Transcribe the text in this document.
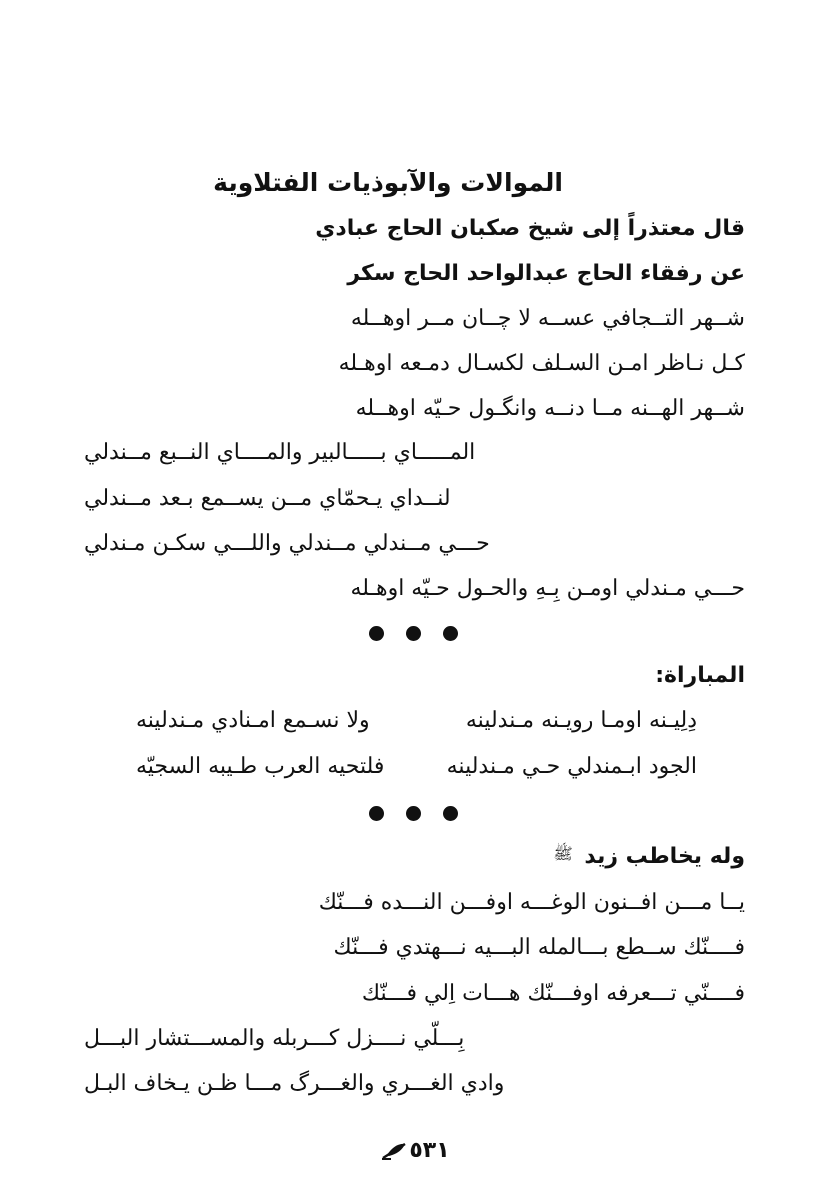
الموالات والآبوذيات الفتلاوية
قال معتذراً إلى شيخ صكبان الحاج عبادي
عن رفقاء الحاج عبدالواحد الحاج سكر
شــهر التــجافي عســه لا چــان مــر اوهــله
كـل نـاظر امـن السـلف لكسـال دمـعه اوهـله
شــهر الهــنه مــا دنــه وانگـول حـيّه اوهــله
المـــــاي بـــــالبير والمــــاي النــبع مــندلي
لنــداي يـحمّاي مــن يســمع بـعد مــندلي
حـــي مــندلي مــندلي واللـــي سكـن مـندلي
حـــي مـندلي اومـن بِـهِ والحـول حـيّه اوهـله
المباراة:
دِلِيـنه اومـا رويـنه مـندلينه
ولا نسـمع امـنادي مـندلينه
الجود ابـمندلي حـي مـندلينه
فلتحيه العرب طـيبه السجيّه
وله يخاطب زيد ﷺ
يــا مـــن افــنون الوغـــه اوفـــن النـــده فـــنّك
فــــنّك ســطع بـــالمله البـــيه نـــهتدي فـــنّك
فــــنّي تـــعرفه اوفـــنّك هـــات اِلي فـــنّك
بِـــلّي نــــزل كـــربله والمســـتشار البـــل
وادي الغـــري والغـــرگ مـــا ظـن يـخاف البـل
٥٣١
